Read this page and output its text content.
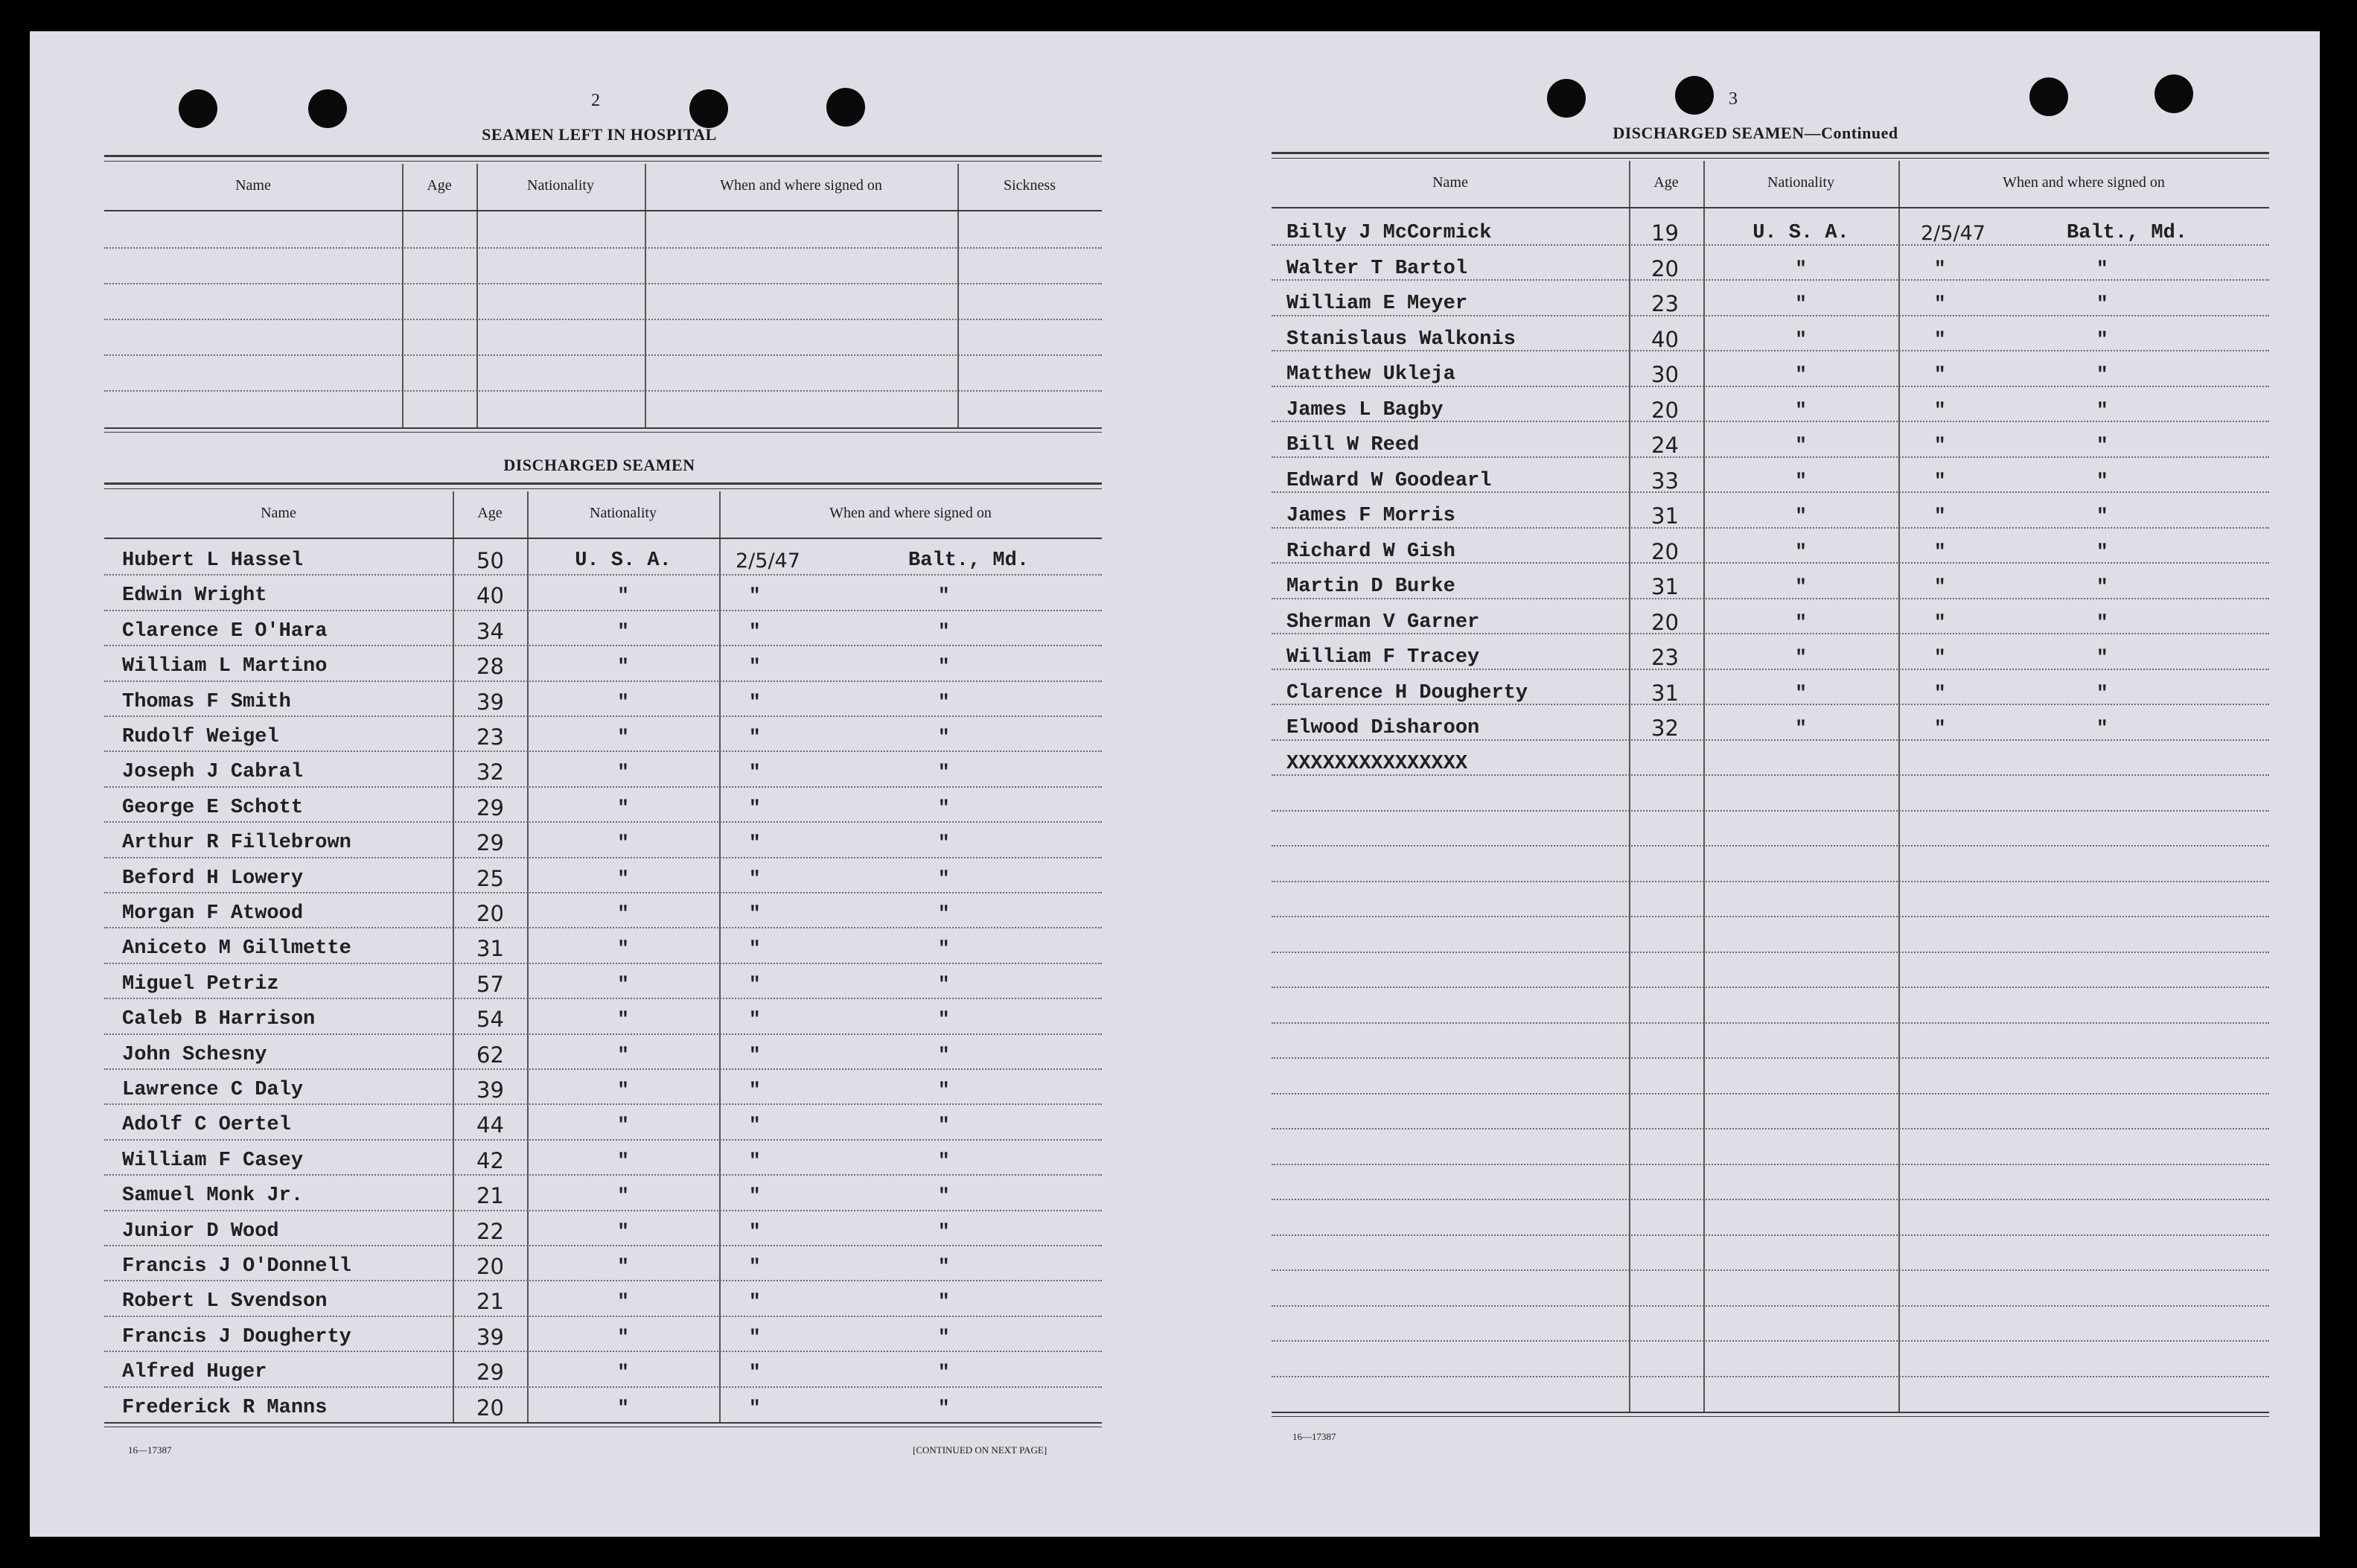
2
SEAMEN LEFT IN HOSPITAL
Name	Age	Nationality	When and where signed on	Sickness
DISCHARGED SEAMEN
Name	Age	Nationality	When and where signed on
Hubert L Hassel	50	U. S. A.	2/5/47	Balt., Md.
Edwin Wright	40	"	"	"
Clarence E O'Hara	34	"	"	"
William L Martino	28	"	"	"
Thomas F Smith	39	"	"	"
Rudolf Weigel	23	"	"	"
Joseph J Cabral	32	"	"	"
George E Schott	29	"	"	"
Arthur R Fillebrown	29	"	"	"
Beford H Lowery	25	"	"	"
Morgan F Atwood	20	"	"	"
Aniceto M Gillmette	31	"	"	"
Miguel Petriz	57	"	"	"
Caleb B Harrison	54	"	"	"
John Schesny	62	"	"	"
Lawrence C Daly	39	"	"	"
Adolf C Oertel	44	"	"	"
William F Casey	42	"	"	"
Samuel Monk Jr.	21	"	"	"
Junior D Wood	22	"	"	"
Francis J O'Donnell	20	"	"	"
Robert L Svendson	21	"	"	"
Francis J Dougherty	39	"	"	"
Alfred Huger	29	"	"	"
Frederick R Manns	20	"	"	"
16—17387	[CONTINUED ON NEXT PAGE]
3
DISCHARGED SEAMEN—Continued
Name	Age	Nationality	When and where signed on
Billy J McCormick	19	U. S. A.	2/5/47	Balt., Md.
Walter T Bartol	20	"	"	"
William E Meyer	23	"	"	"
Stanislaus Walkonis	40	"	"	"
Matthew Ukleja	30	"	"	"
James L Bagby	20	"	"	"
Bill W Reed	24	"	"	"
Edward W Goodearl	33	"	"	"
James F Morris	31	"	"	"
Richard W Gish	20	"	"	"
Martin D Burke	31	"	"	"
Sherman V Garner	20	"	"	"
William F Tracey	23	"	"	"
Clarence H Dougherty	31	"	"	"
Elwood Disharoon	32	"	"	"
XXXXXXXXXXXXXXX
16—17387
